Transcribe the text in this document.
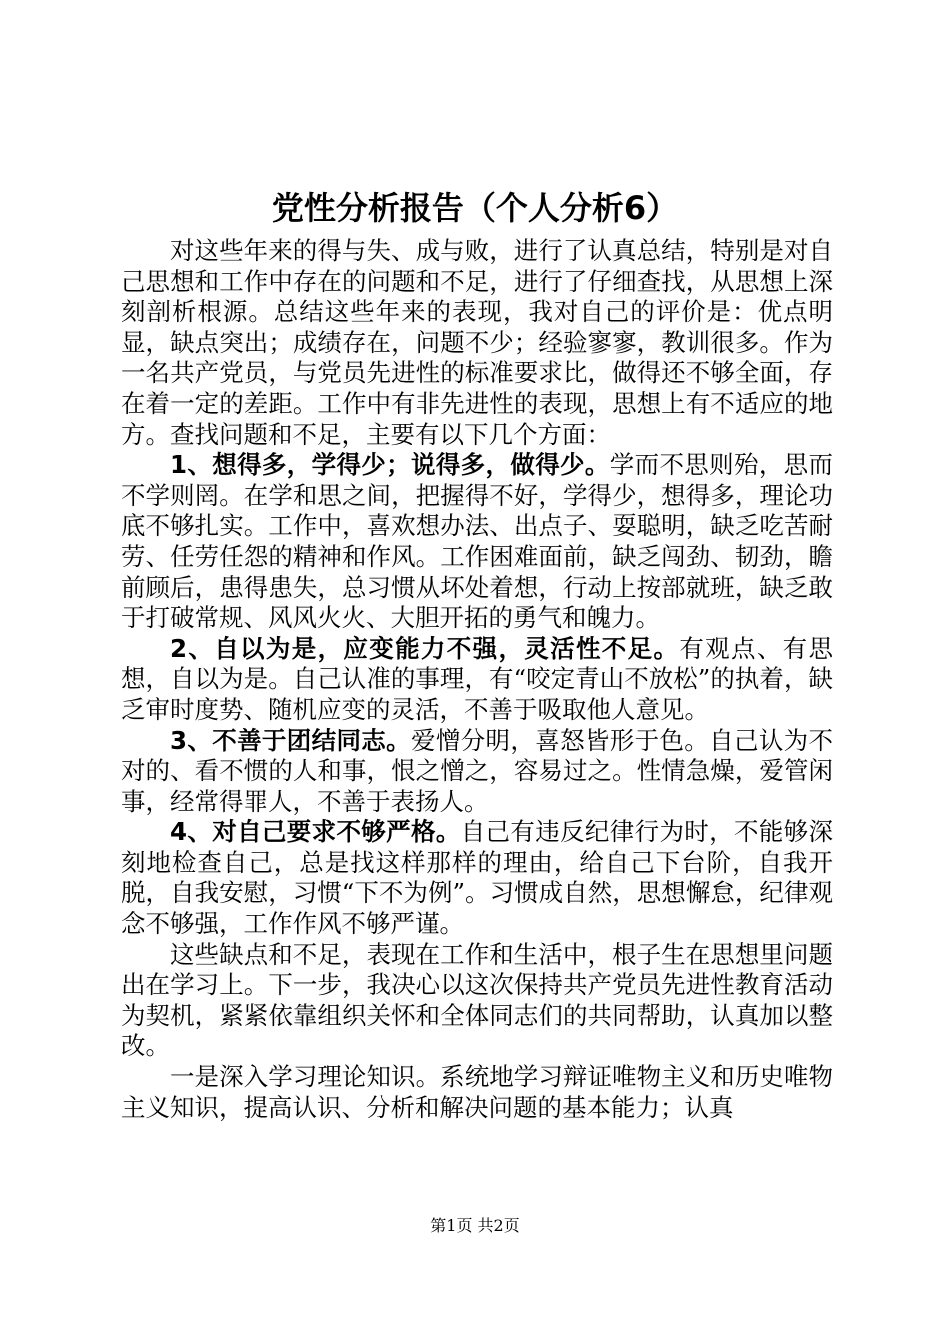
党性分析报告（个人分析6）

对这些年来的得与失、成与败，进行了认真总结，特别是对自己思想和工作中存在的问题和不足，进行了仔细查找，从思想上深刻剖析根源。总结这些年来的表现，我对自己的评价是：优点明显，缺点突出；成绩存在，问题不少；经验寥寥，教训很多。作为一名共产党员，与党员先进性的标准要求比，做得还不够全面，存在着一定的差距。工作中有非先进性的表现，思想上有不适应的地方。查找问题和不足，主要有以下几个方面：

1、想得多，学得少；说得多，做得少。学而不思则殆，思而不学则罔。在学和思之间，把握得不好，学得少，想得多，理论功底不够扎实。工作中，喜欢想办法、出点子、耍聪明，缺乏吃苦耐劳、任劳任怨的精神和作风。工作困难面前，缺乏闯劲、韧劲，瞻前顾后，患得患失，总习惯从坏处着想，行动上按部就班，缺乏敢于打破常规、风风火火、大胆开拓的勇气和魄力。

2、自以为是，应变能力不强，灵活性不足。有观点、有思想，自以为是。自己认准的事理，有“咬定青山不放松”的执着，缺乏审时度势、随机应变的灵活，不善于吸取他人意见。

3、不善于团结同志。爱憎分明，喜怒皆形于色。自己认为不对的、看不惯的人和事，恨之憎之，容易过之。性情急燥，爱管闲事，经常得罪人，不善于表扬人。

4、对自己要求不够严格。自己有违反纪律行为时，不能够深刻地检查自己，总是找这样那样的理由，给自己下台阶，自我开脱，自我安慰，习惯“下不为例”。习惯成自然，思想懈怠，纪律观念不够强，工作作风不够严谨。

这些缺点和不足，表现在工作和生活中，根子生在思想里问题出在学习上。下一步，我决心以这次保持共产党员先进性教育活动为契机，紧紧依靠组织关怀和全体同志们的共同帮助，认真加以整改。

一是深入学习理论知识。系统地学习辩证唯物主义和历史唯物主义知识，提高认识、分析和解决问题的基本能力；认真

第1页 共2页
